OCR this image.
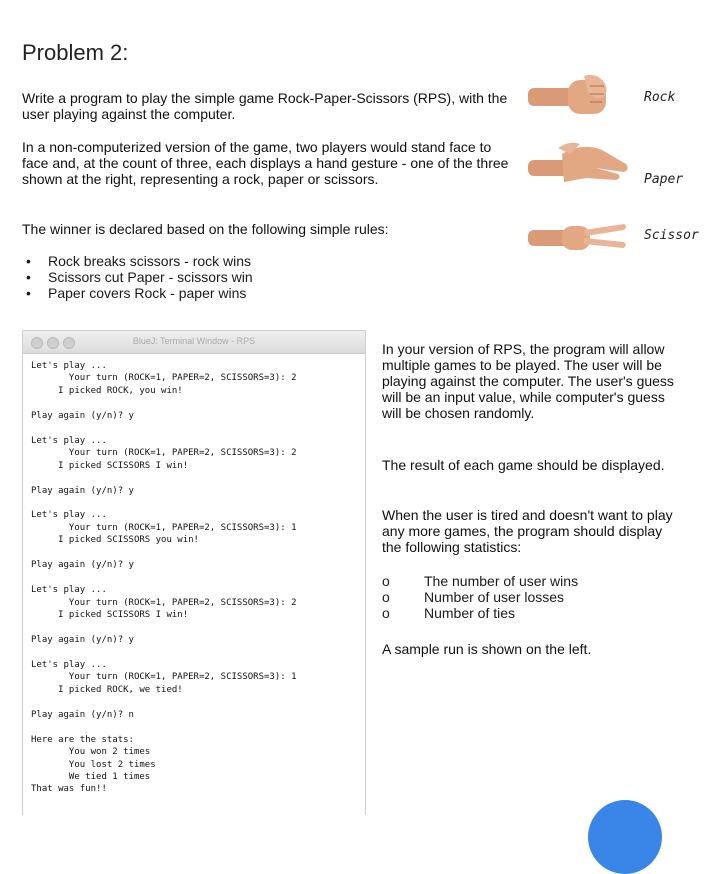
Problem 2:
Write a program to play the simple game Rock-Paper-Scissors (RPS), with the user playing against the computer.
In a non-computerized version of the game, two players would stand face to face and, at the count of three, each displays a hand gesture - one of the three shown at the right, representing a rock, paper or scissors.
The winner is declared based on the following simple rules:
• Rock breaks scissors - rock wins
• Scissors cut Paper - scissors win
• Paper covers Rock - paper wins
Rock
Paper
Scissor
BlueJ: Terminal Window - RPS
Let's play ...
Your turn (ROCK=1, PAPER=2, SCISSORS=3): 2
I picked ROCK, you win!

Play again (y/n)? y

Let's play ...
Your turn (ROCK=1, PAPER=2, SCISSORS=3): 2
I picked SCISSORS I win!

Play again (y/n)? y

Let's play ...
Your turn (ROCK=1, PAPER=2, SCISSORS=3): 1
I picked SCISSORS you win!

Play again (y/n)? y

Let's play ...
Your turn (ROCK=1, PAPER=2, SCISSORS=3): 2
I picked SCISSORS I win!

Play again (y/n)? y

Let's play ...
Your turn (ROCK=1, PAPER=2, SCISSORS=3): 1
I picked ROCK, we tied!

Play again (y/n)? n

Here are the stats:
You won 2 times
You lost 2 times
We tied 1 times
That was fun!!
In your version of RPS, the program will allow multiple games to be played. The user will be playing against the computer. The user's guess will be an input value, while computer's guess will be chosen randomly.
The result of each game should be displayed.
When the user is tired and doesn't want to play any more games, the program should display the following statistics:
o The number of user wins
o Number of user losses
o Number of ties
A sample run is shown on the left.
